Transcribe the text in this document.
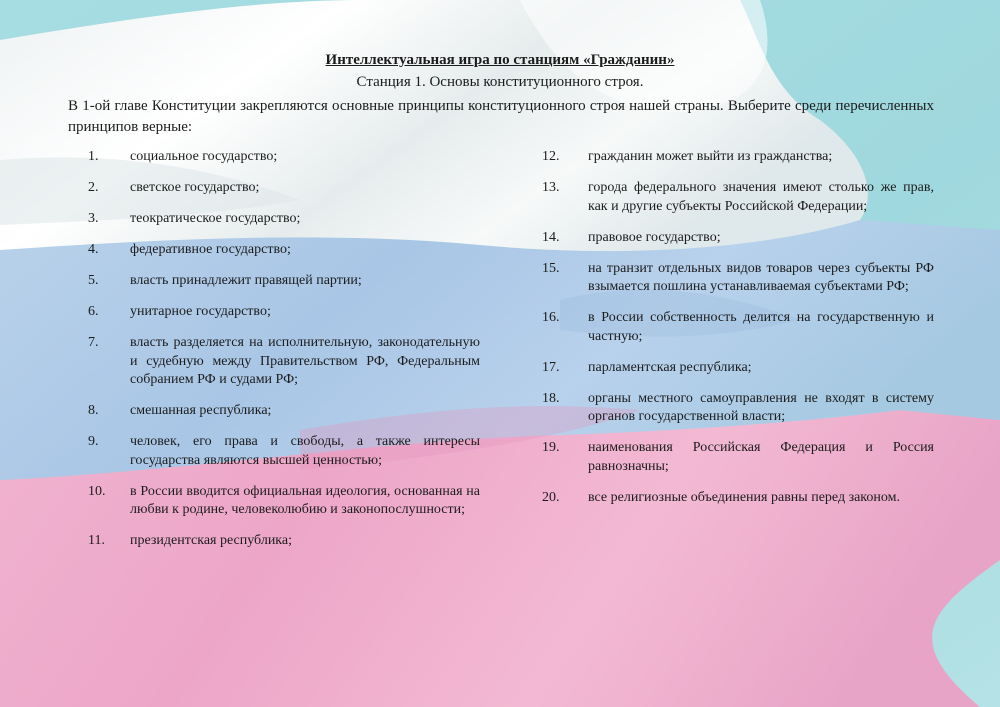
Интеллектуальная игра по станциям «Гражданин»
Станция 1. Основы конституционного строя.
В 1-ой главе Конституции закрепляются основные принципы конституционного строя нашей страны. Выберите среди перечисленных принципов верные:
1.	социальное государство;
2.	светское государство;
3.	теократическое государство;
4.	федеративное государство;
5.	власть принадлежит правящей партии;
6.	унитарное государство;
7.	власть разделяется на исполнительную, законодательную и судебную между Правительством РФ, Федеральным собранием РФ и судами РФ;
8.	смешанная республика;
9.	человек, его права и свободы, а также интересы государства являются высшей ценностью;
10.	в России вводится официальная идеология, основанная на любви к родине, человеколюбию и законопослушности;
11.	президентская республика;
12.	гражданин может выйти из гражданства;
13.	города федерального значения имеют столько же прав, как и другие субъекты Российской Федерации;
14.	правовое государство;
15.	на транзит отдельных видов товаров через субъекты РФ взымается пошлина устанавливаемая субъектами РФ;
16.	в России собственность делится на государственную и частную;
17.	парламентская республика;
18.	органы местного самоуправления не входят в систему органов государственной власти;
19.	наименования Российская Федерация и Россия равнозначны;
20.	все религиозные объединения равны перед законом.
